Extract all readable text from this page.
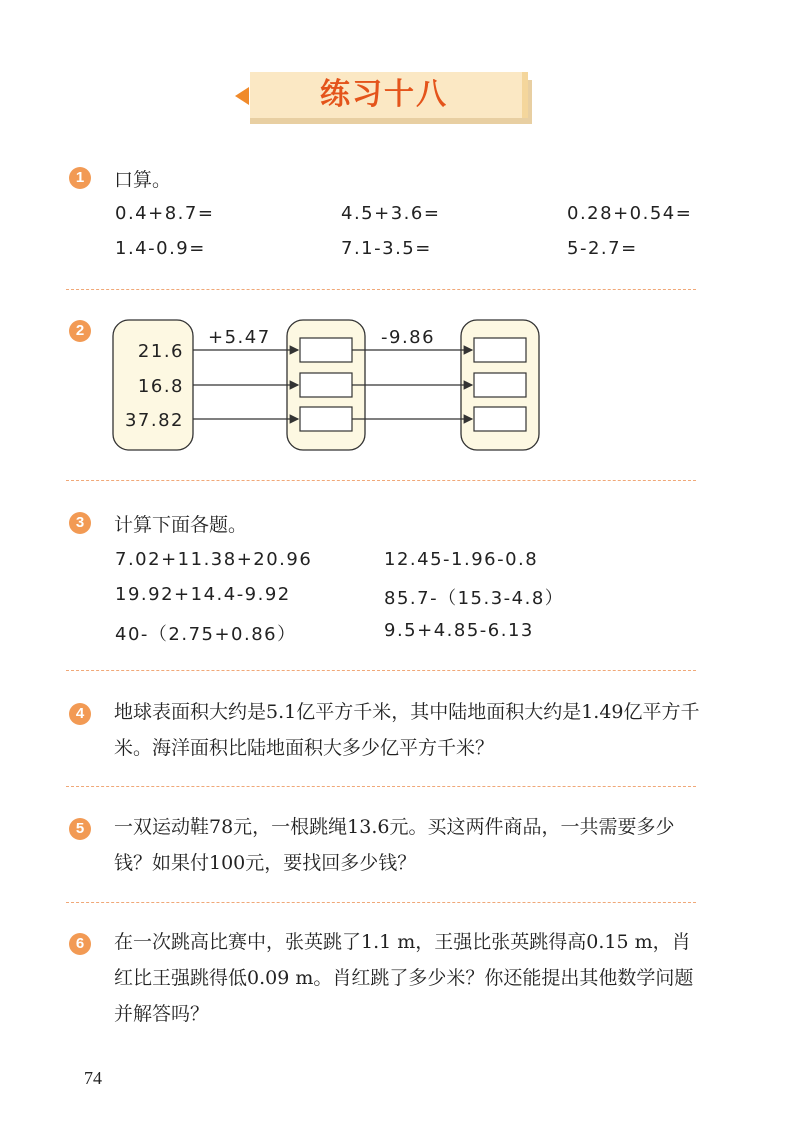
练习十八
1	口算。
0.4+8.7=	4.5+3.6=	0.28+0.54=
1.4-0.9=	7.1-3.5=	5-2.7=
2
21.6
16.8
37.82
+5.47	-9.86
3	计算下面各题。
7.02+11.38+20.96	12.45-1.96-0.8
19.92+14.4-9.92	85.7-（15.3-4.8）
40-（2.75+0.86）	9.5+4.85-6.13
4	地球表面积大约是5.1亿平方千米，其中陆地面积大约是1.49亿平方千米。海洋面积比陆地面积大多少亿平方千米？
5	一双运动鞋78元，一根跳绳13.6元。买这两件商品，一共需要多少钱？如果付100元，要找回多少钱？
6	在一次跳高比赛中，张英跳了1.1 m，王强比张英跳得高0.15 m，肖红比王强跳得低0.09 m。肖红跳了多少米？你还能提出其他数学问题并解答吗？
74
